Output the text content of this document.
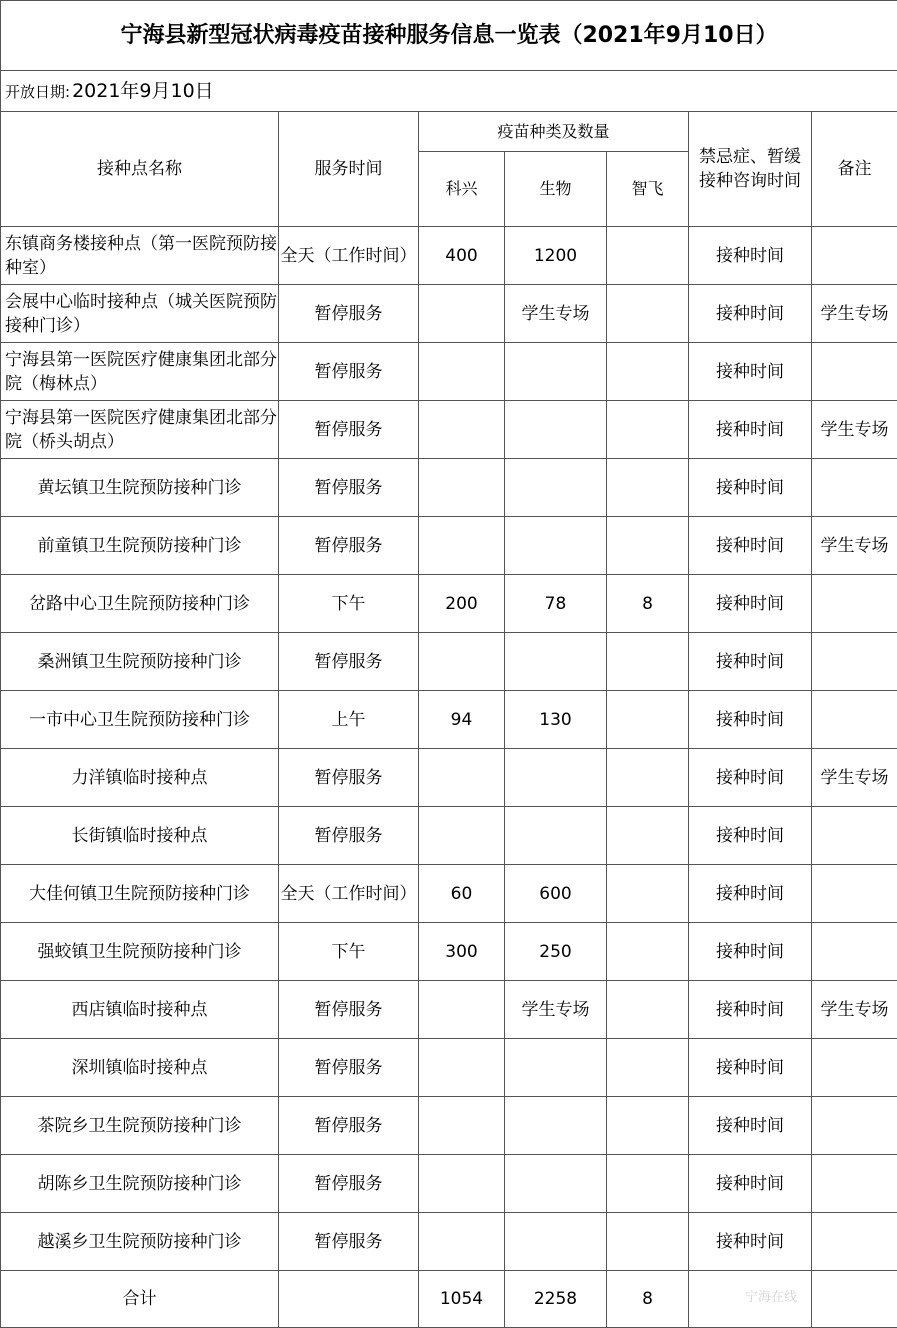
宁海县新型冠状病毒疫苗接种服务信息一览表（2021年9月10日）						
开放日期: 2021年9月10日						
接种点名称	服务时间	疫苗种类及数量			禁忌症、暂缓接种咨询时间	备注
		科兴	生物	智飞		
东镇商务楼接种点（第一医院预防接种室）	全天（工作时间）	400	1200		接种时间	
会展中心临时接种点（城关医院预防接种门诊）	暂停服务		学生专场		接种时间	学生专场
宁海县第一医院医疗健康集团北部分院（梅林点）	暂停服务				接种时间	
宁海县第一医院医疗健康集团北部分院（桥头胡点）	暂停服务				接种时间	学生专场
黄坛镇卫生院预防接种门诊	暂停服务				接种时间	
前童镇卫生院预防接种门诊	暂停服务				接种时间	学生专场
岔路中心卫生院预防接种门诊	下午	200	78	8	接种时间	
桑洲镇卫生院预防接种门诊	暂停服务				接种时间	
一市中心卫生院预防接种门诊	上午	94	130		接种时间	
力洋镇临时接种点	暂停服务				接种时间	学生专场
长街镇临时接种点	暂停服务				接种时间	
大佳何镇卫生院预防接种门诊	全天（工作时间）	60	600		接种时间	
强蛟镇卫生院预防接种门诊	下午	300	250		接种时间	
西店镇临时接种点	暂停服务		学生专场		接种时间	学生专场
深圳镇临时接种点	暂停服务				接种时间	
茶院乡卫生院预防接种门诊	暂停服务				接种时间	
胡陈乡卫生院预防接种门诊	暂停服务				接种时间	
越溪乡卫生院预防接种门诊	暂停服务				接种时间	
合计		1054	2258	8			宁海在线
